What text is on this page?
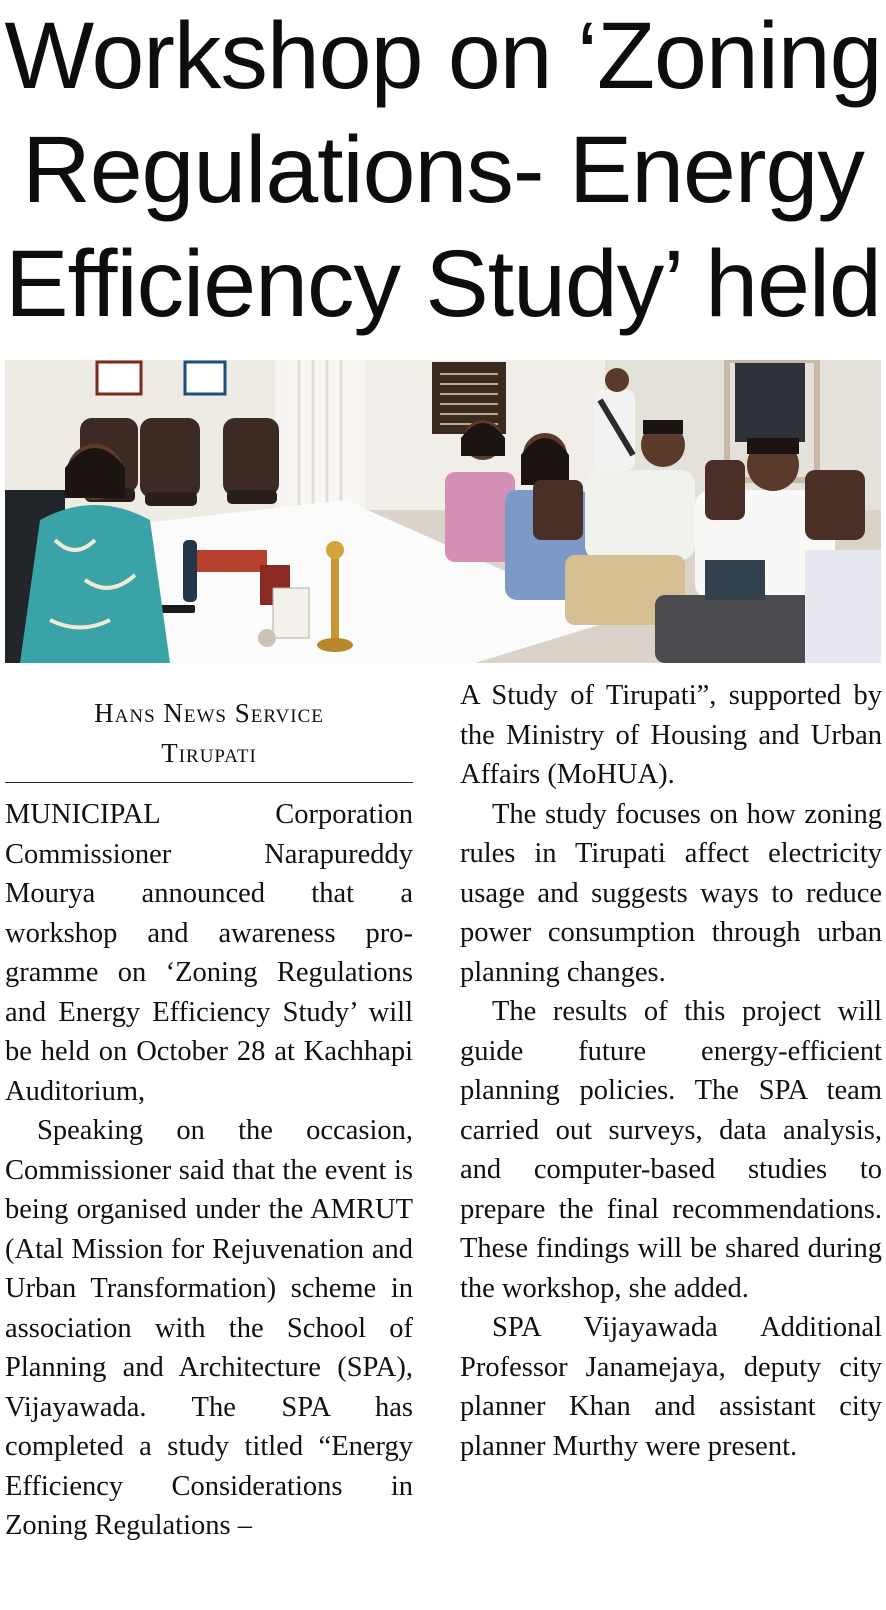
Workshop on ‘Zoning
Regulations- Energy
Efficiency Study’ held
Hans News Service
Tirupati

MUNICIPAL Corporation Commissioner Narapureddy Mourya announced that a workshop and awareness programme on ‘Zoning Regulations and Energy Efficiency Study’ will be held on October 28 at Kachhapi Auditorium,

Speaking on the occasion, Commissioner said that the event is being organised under the AMRUT (Atal Mission for Rejuvenation and Urban Transformation) scheme in association with the School of Planning and Architecture (SPA), Vijayawada. The SPA has completed a study titled “Energy Efficiency Considerations in Zoning Regulations –

A Study of Tirupati”, supported by the Ministry of Housing and Urban Affairs (MoHUA).

The study focuses on how zoning rules in Tirupati affect electricity usage and suggests ways to reduce power consumption through urban planning changes.

The results of this project will guide future energy-efficient planning policies. The SPA team carried out surveys, data analysis, and computer-based studies to prepare the final recommendations. These findings will be shared during the workshop, she added.

SPA Vijayawada Additional Professor Janamejaya, deputy city planner Khan and assistant city planner Murthy were present.
